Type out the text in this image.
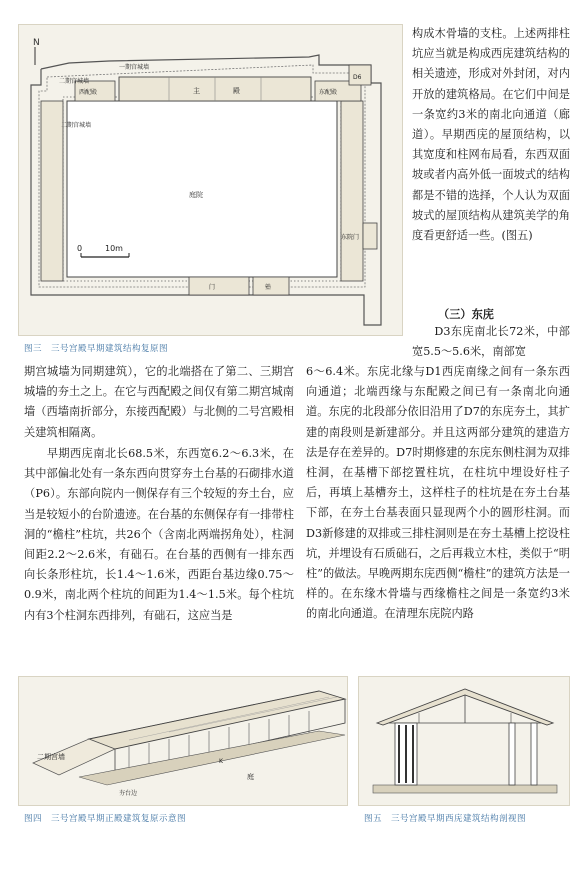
N
二期宫城墙
一期宫城墙
二期宫城墙
西配殿	主	殿	东配殿
D6
庭院
东院门
门	塾
0	10m
图三　三号宫殿早期建筑结构复原图
构成木骨墙的支柱。上述两排柱坑应当就是构成西庑建筑结构的相关遗迹，形成对外封闭，对内开放的建筑格局。在它们中间是一条宽约3米的南北向通道（廊道）。早期西庑的屋顶结构，以其宽度和柱网布局看，东西双面坡或者内高外低一面坡式的结构都是不错的选择，个人认为双面坡式的屋顶结构从建筑美学的角度看更舒适一些。(图五)
（三）东庑
D3东庑南北长72米，中部宽5.5～5.6米，南部宽
期宫城墙为同期建筑），它的北端搭在了第二、三期宫城墙的夯土之上。在它与西配殿之间仅有第二期宫城南墙（西墙南折部分，东接西配殿）与北侧的二号宫殿相关建筑相隔离。
早期西庑南北长68.5米，东西宽6.2～6.3米，在其中部偏北处有一条东西向贯穿夯土台基的石砌排水道（P6）。东部向院内一侧保存有三个较短的夯土台，应当是较短小的台阶遗迹。在台基的东侧保存有一排带柱洞的“檐柱”柱坑，共26个（含南北两端拐角处），柱洞间距2.2～2.6米，有础石。在台基的西侧有一排东西向长条形柱坑，长1.4～1.6米，西距台基边缘0.75～0.9米，南北两个柱坑的间距为1.4～1.5米。每个柱坑内有3个柱洞东西排列，有础石，这应当是
6～6.4米。东庑北缘与D1西庑南缘之间有一条东西向通道；北端西缘与东配殿之间已有一条南北向通道。东庑的北段部分依旧沿用了D7的东庑夯土，其扩建的南段则是新建部分。并且这两部分建筑的建造方法是存在差异的。D7时期修建的东庑东侧柱洞为双排柱洞，在基槽下部挖置柱坑，在柱坑中埋设好柱子后，再填上基槽夯土，这样柱子的柱坑是在夯土台基下部，在夯土台基表面只显现两个小的圆形柱洞。而D3新修建的双排或三排柱洞则是在夯土基槽上挖设柱坑，并埋设有石质础石，之后再栽立木柱，类似于“明柱”的做法。早晚两期东庑西侧“檐柱”的建筑方法是一样的。在东缘木骨墙与西缘檐柱之间是一条宽约3米的南北向通道。在清理东庑院内路
二期宫墙
庭
K
夯台边
图四　三号宫殿早期正殿建筑复原示意图	图五　三号宫殿早期西庑建筑结构剖视图
